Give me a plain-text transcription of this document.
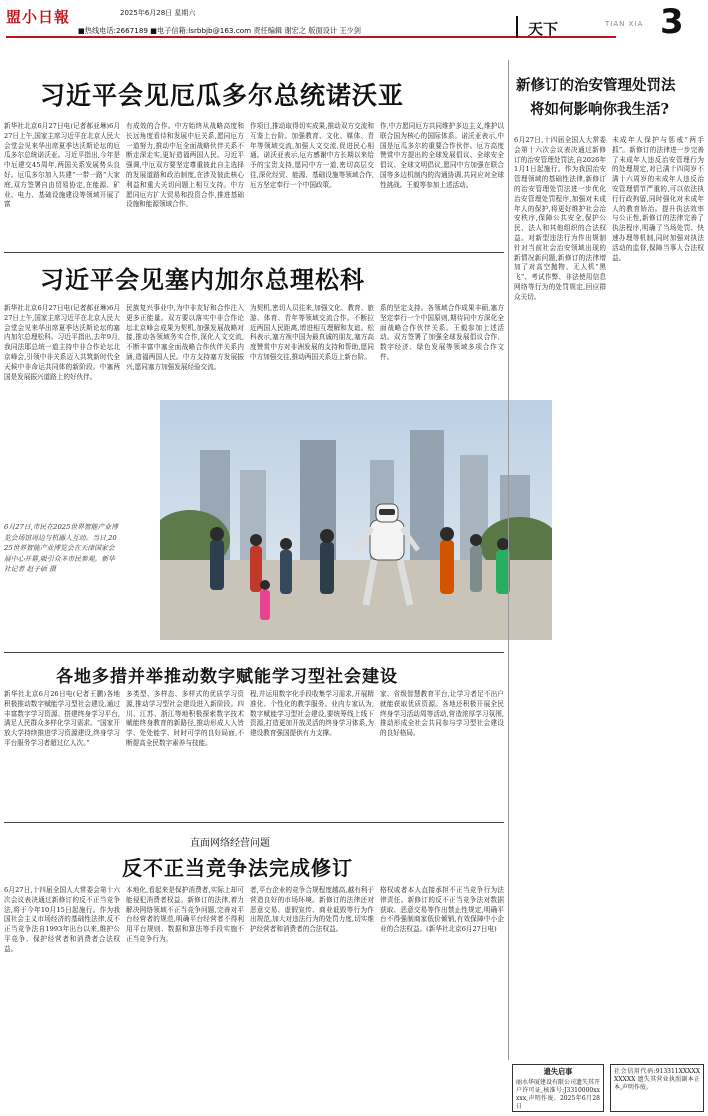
盟小日報	2025年6月28日 星期六
■热线电话:2667189 ■电子信箱:lsrbbjb@163.com 责任编辑 谢宏之 版面设计 王少剑	天下	TIAN XIA 3
习近平会见厄瓜多尔总统诺沃亚
新华社北京6月27日电(记者郝亚琳)6月27日上午,国家主席习近平在北京人民大会堂会见来华出席夏季达沃斯论坛的厄瓜多尔总统诺沃亚。习近平指出,今年是中厄建交45周年,两国关系发展势头良好。厄瓜多尔加入共建“一带一路”大家庭,双方签署自由贸易协定,在能源、矿业、电力、基础设施建设等领域开展了富
有成效的合作。中方始终从战略高度和长远角度看待和发展中厄关系,愿同厄方一道努力,推动中厄全面战略伙伴关系不断走深走实,更好造福两国人民。习近平强调,中厄双方要坚定尊重彼此自主选择的发展道路和政治制度,在涉及彼此核心利益和重大关切问题上相互支持。中方愿同厄方扩大贸易和投资合作,推进基础设施和能源领域合作。
作项目,推动取得切实成果,推动双方交流和互鉴上台阶。加强教育、文化、媒体、青年等领域交流,加强人文交流,促进民心相通。诺沃亚表示,厄方感谢中方长期以来给予的宝贵支持,愿同中方一道,密切高层交往,深化经贸、能源、基础设施等领域合作,厄方坚定奉行一个中国政策。
作,中方愿同厄方共同维护多边主义,维护以联合国为核心的国际体系。诺沃亚表示,中国是厄瓜多尔的重要合作伙伴。厄方高度赞赏中方提出的全球发展倡议、全球安全倡议、全球文明倡议,愿同中方加强在联合国等多边机制内的沟通协调,共同应对全球性挑战。王毅等参加上述活动。
习近平会见塞内加尔总理松科
新华社北京6月27日电(记者郝亚琳)6月27日上午,国家主席习近平在北京人民大会堂会见来华出席夏季达沃斯论坛的塞内加尔总理松科。习近平指出,去年9月,我同法耶总统一道主持中非合作论坛北京峰会,引领中非关系迈入共筑新时代全天候中非命运共同体的新阶段。中塞两国是发展振兴道路上的好伙伴。
民族复兴事业中,为中非友好和合作注入更多正能量。双方要以落实中非合作论坛北京峰会成果为契机,加强发展战略对接,推动各领域务实合作,深化人文交流,不断丰富中塞全面战略合作伙伴关系内涵,造福两国人民。中方支持塞方发展振兴,愿同塞方加强发展经验交流。
为契机,密切人员往来,加强文化、教育、旅游、体育、青年等领域交流合作。不断拉近两国人民距离,增进相互理解和友谊。松科表示,塞方视中国为最真诚的朋友,塞方高度赞赏中方对非洲发展的支持和帮助,愿同中方加强交往,推动两国关系迈上新台阶。
系的坚定支持。各领域合作成果丰硕,塞方坚定奉行一个中国原则,期待同中方深化全面战略合作伙伴关系。王毅参加上述活动。双方签署了加强全球发展倡议合作、数字经济、绿色发展等领域多项合作文件。
6月27日,市民在2025世界智能产业博览会场馆周边与机器人互动。当日,2025世界智能产业博览会在天津国家会展中心开幕,吸引众多市民参观。新华社记者 赵子硕 摄
各地多措并举推动数字赋能学习型社会建设
新华社北京6月26日电(记者王鹏)各地积极推动数字赋能学习型社会建设,通过丰富数字学习资源、搭建终身学习平台,满足人民群众多样化学习需求。“国家开放大学持续推进学习资源建设,终身学习平台服务学习者超过亿人次。”
多类型、多样态、多样式的优质学习资源,推动学习型社会建设进入新阶段。四川、江苏、浙江等地积极探索数字技术赋能终身教育的新路径,推动形成人人皆学、处处能学、时时可学的良好局面,不断提高全民数字素养与技能。
程,并运用数字化手段收集学习需求,开展精准化、个性化的教学服务。业内专家认为,数字赋能学习型社会建设,要统筹线上线下资源,打造更加开放灵活的终身学习体系,为建设教育强国提供有力支撑。
家、省级智慧教育平台,让学习者足不出户就能获取优质资源。各地还积极开展全民终身学习活动周等活动,营造浓厚学习氛围,推动形成全社会共同参与学习型社会建设的良好格局。
直面网络经营问题
反不正当竞争法完成修订
6月27日,十四届全国人大常委会第十六次会议表决通过新修订的反不正当竞争法,将于今年10月15日起施行。作为我国社会主义市场经济的基础性法律,反不正当竞争法自1993年出台以来,维护公平竞争、保护经营者和消费者合法权益。
本地化,看起来是保护消费者,实际上却可能侵犯消费者权益。新修订的法律,着力解决网络领域不正当竞争问题,完善对平台经营者的规范,明确平台经营者不得利用平台规则、数据和算法等手段实施不正当竞争行为。
者,平台企业的竞争合规程度越高,越有利于营造良好的市场环境。新修订的法律还对恶意交易、虚假宣传、商业诋毁等行为作出规范,加大对违法行为的处罚力度,切实维护经营者和消费者的合法权益。
格权或者本人直接承担不正当竞争行为法律责任。新修订的反不正当竞争法对数据获取、恶意交易等作出禁止性规定,明确平台不得强制商家低价倾销,有效保障中小企业的合法权益。(新华社北京6月27日电)
新修订的治安管理处罚法
将如何影响你我生活?
6月27日,十四届全国人大常委会第十六次会议表决通过新修订的治安管理处罚法,自2026年1月1日起施行。作为我国治安管理领域的基础性法律,新修订的治安管理处罚法进一步优化治安管理处罚程序,加强对未成年人的保护,将更好维护社会治安秩序,保障公共安全,保护公民、法人和其他组织的合法权益。对新型违法行为作出规制针对当前社会治安领域出现的新情况新问题,新修订的法律增加了对高空抛物、无人机“黑飞”、考试作弊、非法使用信息网络等行为的处罚规定,回应群众关切。
未成年人保护与惩戒“两手抓”。新修订的法律进一步完善了未成年人违反治安管理行为的处理规定,对已满十四周岁不满十六周岁的未成年人违反治安管理情节严重的,可以依法执行行政拘留,同时强化对未成年人的教育矫治。提升执法效率与公正性,新修订的法律完善了执法程序,明确了当场处罚、快速办理等机制,同时加强对执法活动的监督,保障当事人合法权益。
遗失启事
丽水华厦建设有限公司遗失其开户许可证,核准号:J3310000xxxxx,声明作废。2025年6月28日
社会信用代码:913311XXXXXXXXXX 遗失其营业执照副本正本,声明作废。
